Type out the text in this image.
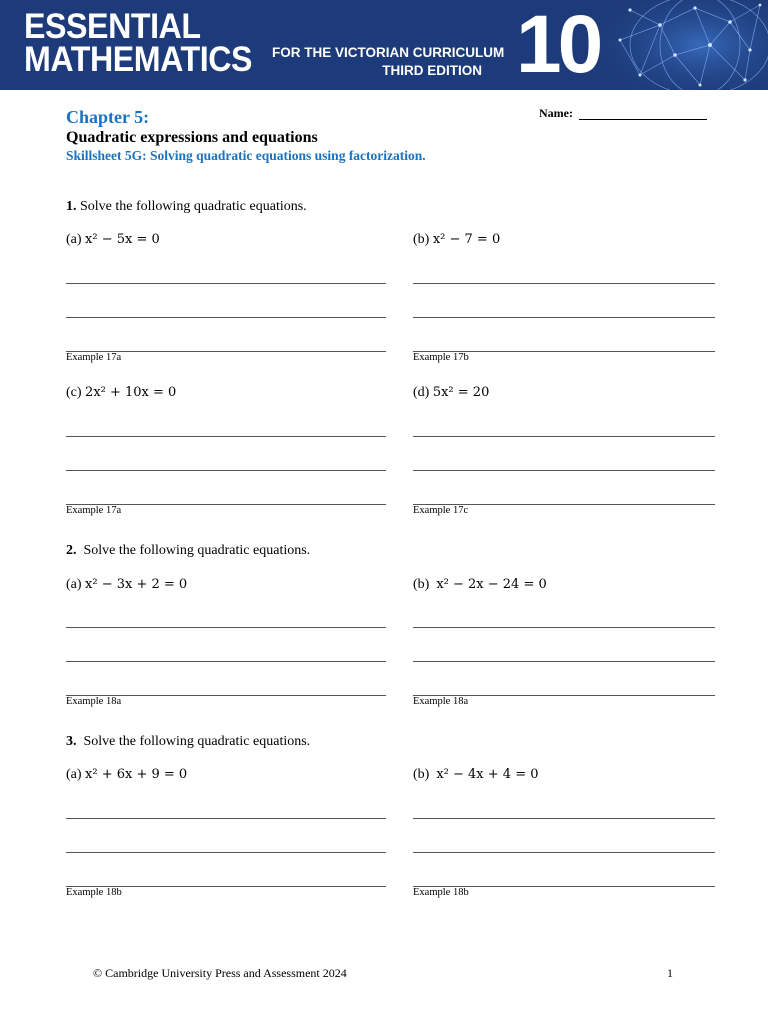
ESSENTIAL
MATHEMATICS FOR THE VICTORIAN CURRICULUM
THIRD EDITION 10
Chapter 5:	Name:
Quadratic expressions and equations
Skillsheet 5G: Solving quadratic equations using factorization.
1. Solve the following quadratic equations.
(a) x² − 5x = 0
Example 17a
(b) x² − 7 = 0
Example 17b
(c) 2x² + 10x = 0
Example 17a
(d) 5x² = 20
Example 17c
2. Solve the following quadratic equations.
(a) x² − 3x + 2 = 0
Example 18a
(b) x² − 2x − 24 = 0
Example 18a
3. Solve the following quadratic equations.
(a) x² + 6x + 9 = 0
Example 18b
(b) x² − 4x + 4 = 0
Example 18b
© Cambridge University Press and Assessment 2024	1
